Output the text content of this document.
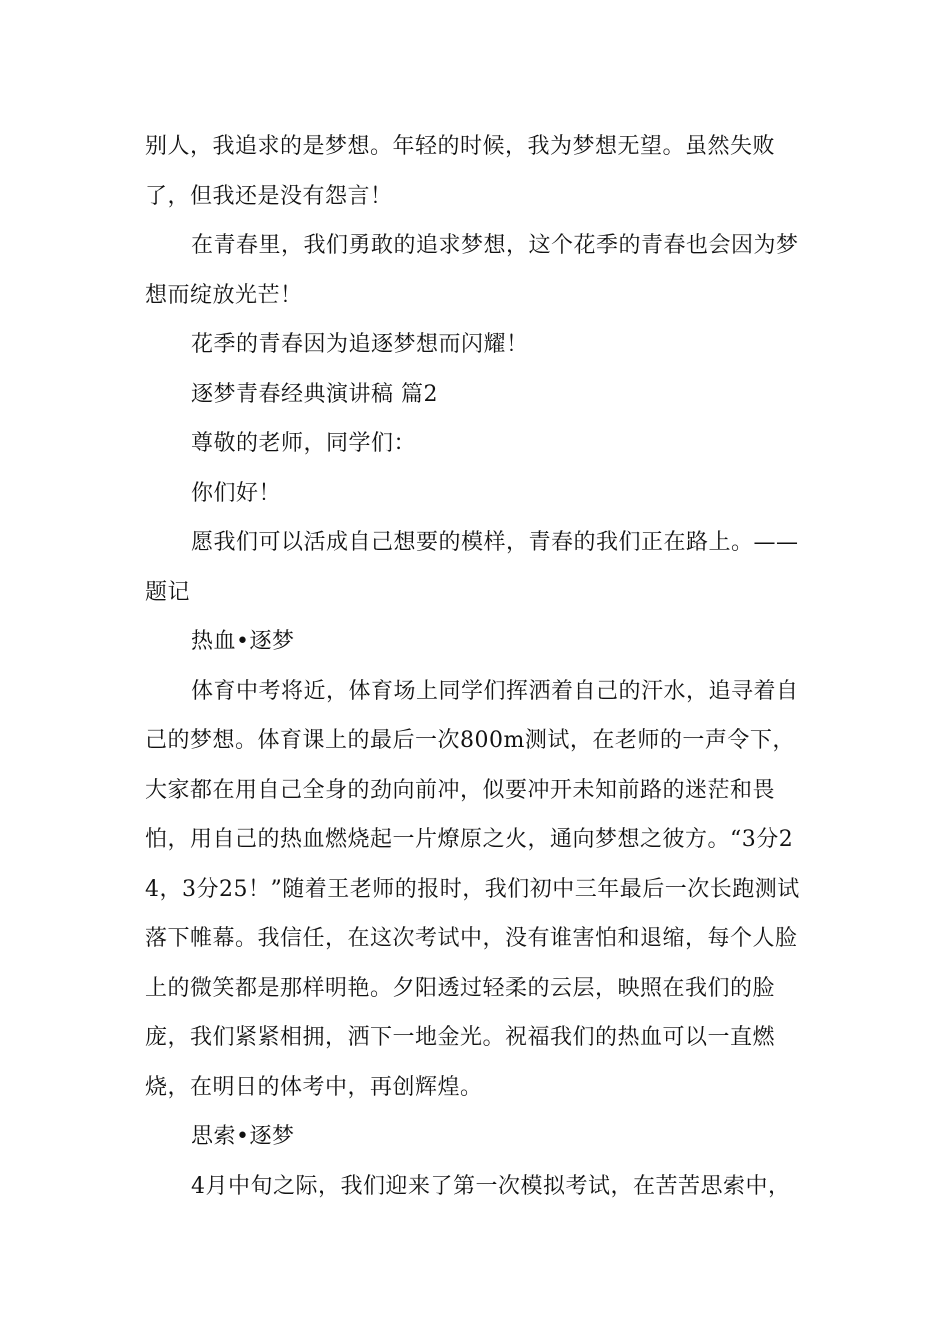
别人，我追求的是梦想。年轻的时候，我为梦想无望。虽然失败了，但我还是没有怨言！

在青春里，我们勇敢的追求梦想，这个花季的青春也会因为梦想而绽放光芒！

花季的青春因为追逐梦想而闪耀！

逐梦青春经典演讲稿 篇2

尊敬的老师，同学们：

你们好！

愿我们可以活成自己想要的模样，青春的我们正在路上。——题记

热血•逐梦

体育中考将近，体育场上同学们挥洒着自己的汗水，追寻着自己的梦想。体育课上的最后一次800m测试，在老师的一声令下，大家都在用自己全身的劲向前冲，似要冲开未知前路的迷茫和畏怕，用自己的热血燃烧起一片燎原之火，通向梦想之彼方。“3分24，3分25！”随着王老师的报时，我们初中三年最后一次长跑测试落下帷幕。我信任，在这次考试中，没有谁害怕和退缩，每个人脸上的微笑都是那样明艳。夕阳透过轻柔的云层，映照在我们的脸庞，我们紧紧相拥，洒下一地金光。祝福我们的热血可以一直燃烧，在明日的体考中，再创辉煌。

思索•逐梦

4月中旬之际，我们迎来了第一次模拟考试，在苦苦思索中，
